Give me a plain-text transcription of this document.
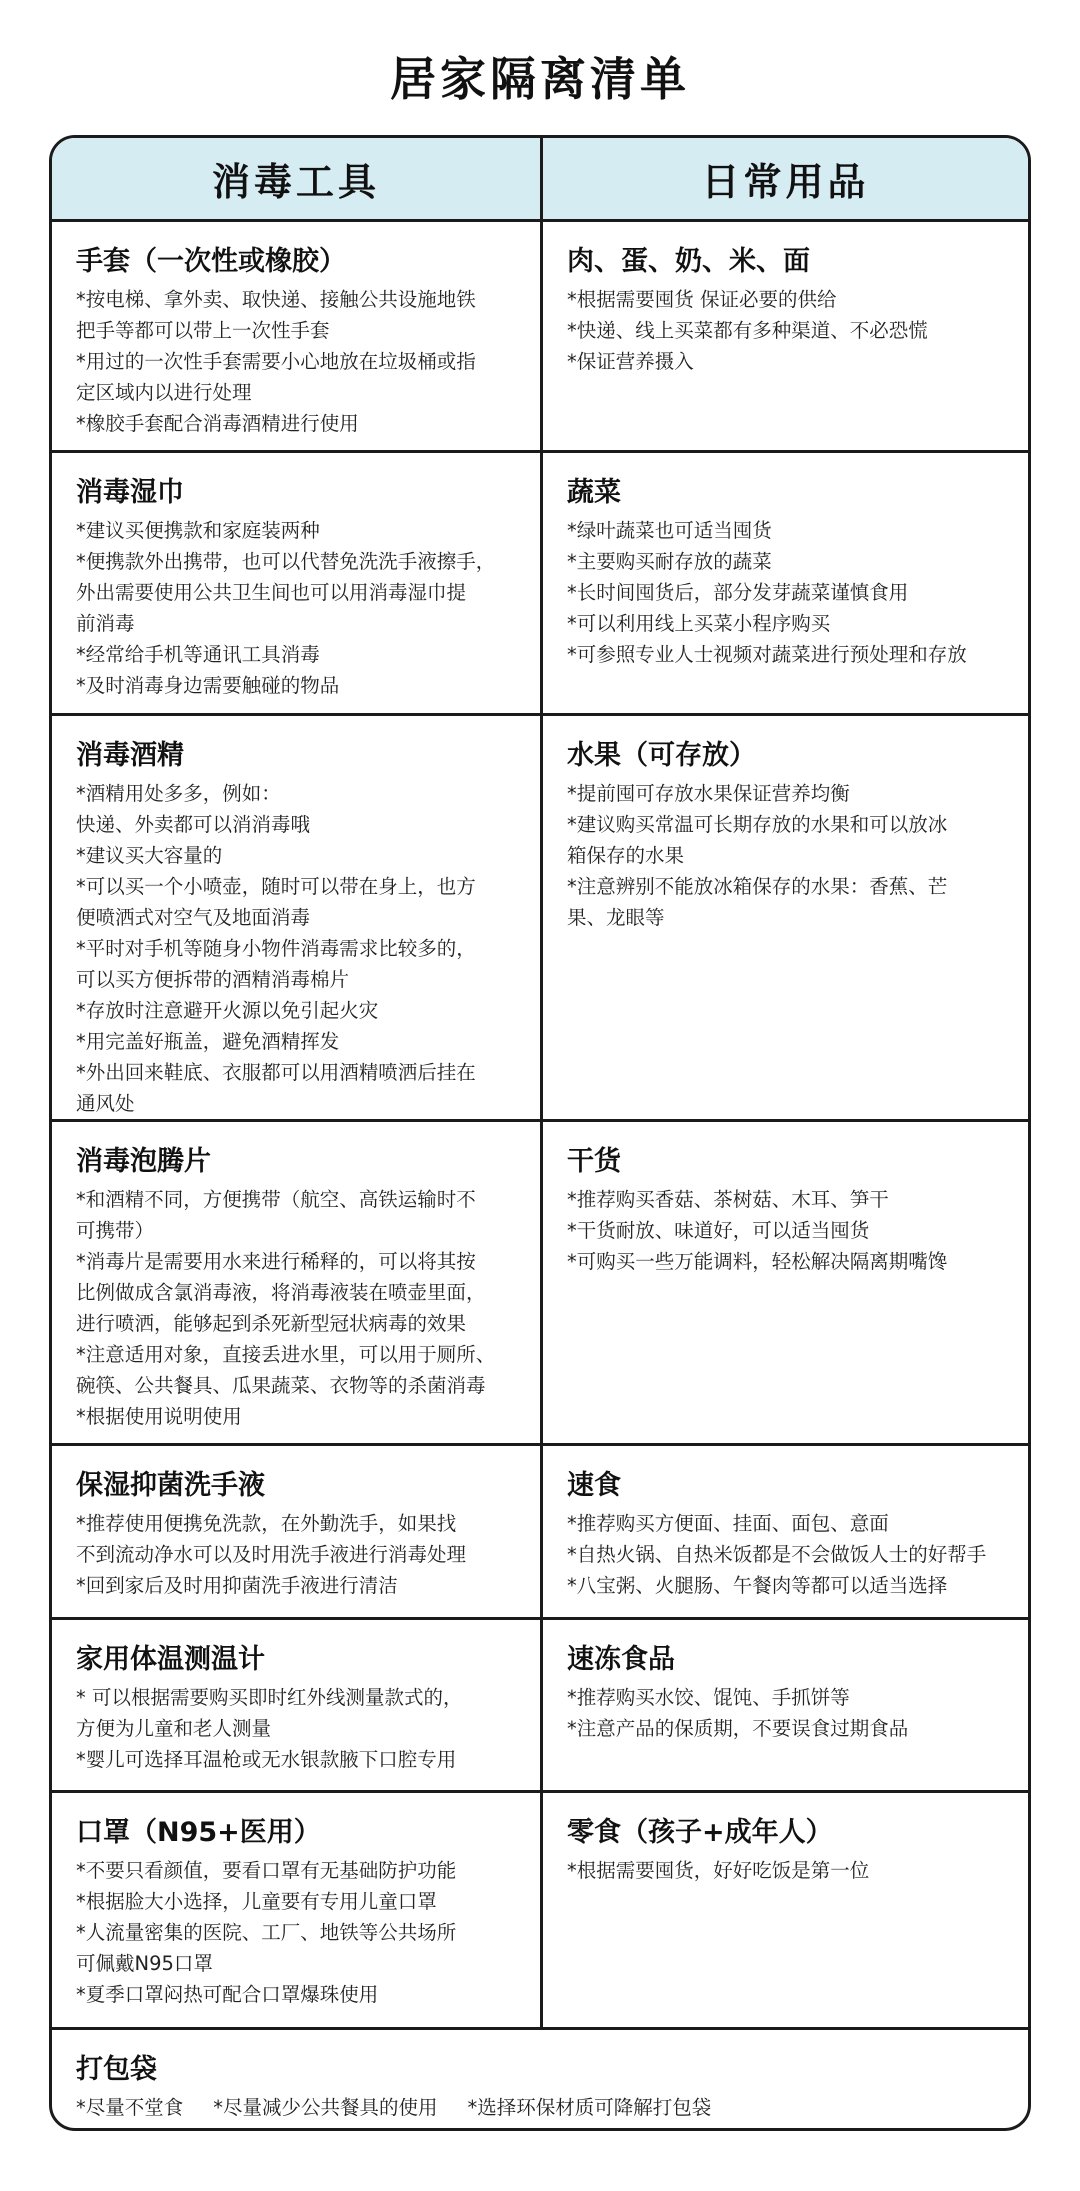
居家隔离清单
消毒工具	日常用品
手套（一次性或橡胶）
*按电梯、拿外卖、取快递、接触公共设施地铁
把手等都可以带上一次性手套
*用过的一次性手套需要小心地放在垃圾桶或指
定区域内以进行处理
*橡胶手套配合消毒酒精进行使用
肉、蛋、奶、米、面
*根据需要囤货 保证必要的供给
*快递、线上买菜都有多种渠道、不必恐慌
*保证营养摄入
消毒湿巾
*建议买便携款和家庭装两种
*便携款外出携带，也可以代替免洗洗手液擦手，
外出需要使用公共卫生间也可以用消毒湿巾提
前消毒
*经常给手机等通讯工具消毒
*及时消毒身边需要触碰的物品
蔬菜
*绿叶蔬菜也可适当囤货
*主要购买耐存放的蔬菜
*长时间囤货后，部分发芽蔬菜谨慎食用
*可以利用线上买菜小程序购买
*可参照专业人士视频对蔬菜进行预处理和存放
消毒酒精
*酒精用处多多，例如：
快递、外卖都可以消消毒哦
*建议买大容量的
*可以买一个小喷壶，随时可以带在身上，也方
便喷洒式对空气及地面消毒
*平时对手机等随身小物件消毒需求比较多的，
可以买方便拆带的酒精消毒棉片
*存放时注意避开火源以免引起火灾
*用完盖好瓶盖，避免酒精挥发
*外出回来鞋底、衣服都可以用酒精喷洒后挂在
通风处
水果（可存放）
*提前囤可存放水果保证营养均衡
*建议购买常温可长期存放的水果和可以放冰
箱保存的水果
*注意辨别不能放冰箱保存的水果：香蕉、芒
果、龙眼等
消毒泡腾片
*和酒精不同，方便携带（航空、高铁运输时不
可携带）
*消毒片是需要用水来进行稀释的，可以将其按
比例做成含氯消毒液，将消毒液装在喷壶里面，
进行喷洒，能够起到杀死新型冠状病毒的效果
*注意适用对象，直接丢进水里，可以用于厕所、
碗筷、公共餐具、瓜果蔬菜、衣物等的杀菌消毒
*根据使用说明使用
干货
*推荐购买香菇、茶树菇、木耳、笋干
*干货耐放、味道好，可以适当囤货
*可购买一些万能调料，轻松解决隔离期嘴馋
保湿抑菌洗手液
*推荐使用便携免洗款，在外勤洗手，如果找
不到流动净水可以及时用洗手液进行消毒处理
*回到家后及时用抑菌洗手液进行清洁
速食
*推荐购买方便面、挂面、面包、意面
*自热火锅、自热米饭都是不会做饭人士的好帮手
*八宝粥、火腿肠、午餐肉等都可以适当选择
家用体温测温计
* 可以根据需要购买即时红外线测量款式的，
方便为儿童和老人测量
*婴儿可选择耳温枪或无水银款腋下口腔专用
速冻食品
*推荐购买水饺、馄饨、手抓饼等
*注意产品的保质期，不要误食过期食品
口罩（N95+医用）
*不要只看颜值，要看口罩有无基础防护功能
*根据脸大小选择，儿童要有专用儿童口罩
*人流量密集的医院、工厂、地铁等公共场所
可佩戴N95口罩
*夏季口罩闷热可配合口罩爆珠使用
零食（孩子+成年人）
*根据需要囤货，好好吃饭是第一位
打包袋
*尽量不堂食 *尽量减少公共餐具的使用 *选择环保材质可降解打包袋
